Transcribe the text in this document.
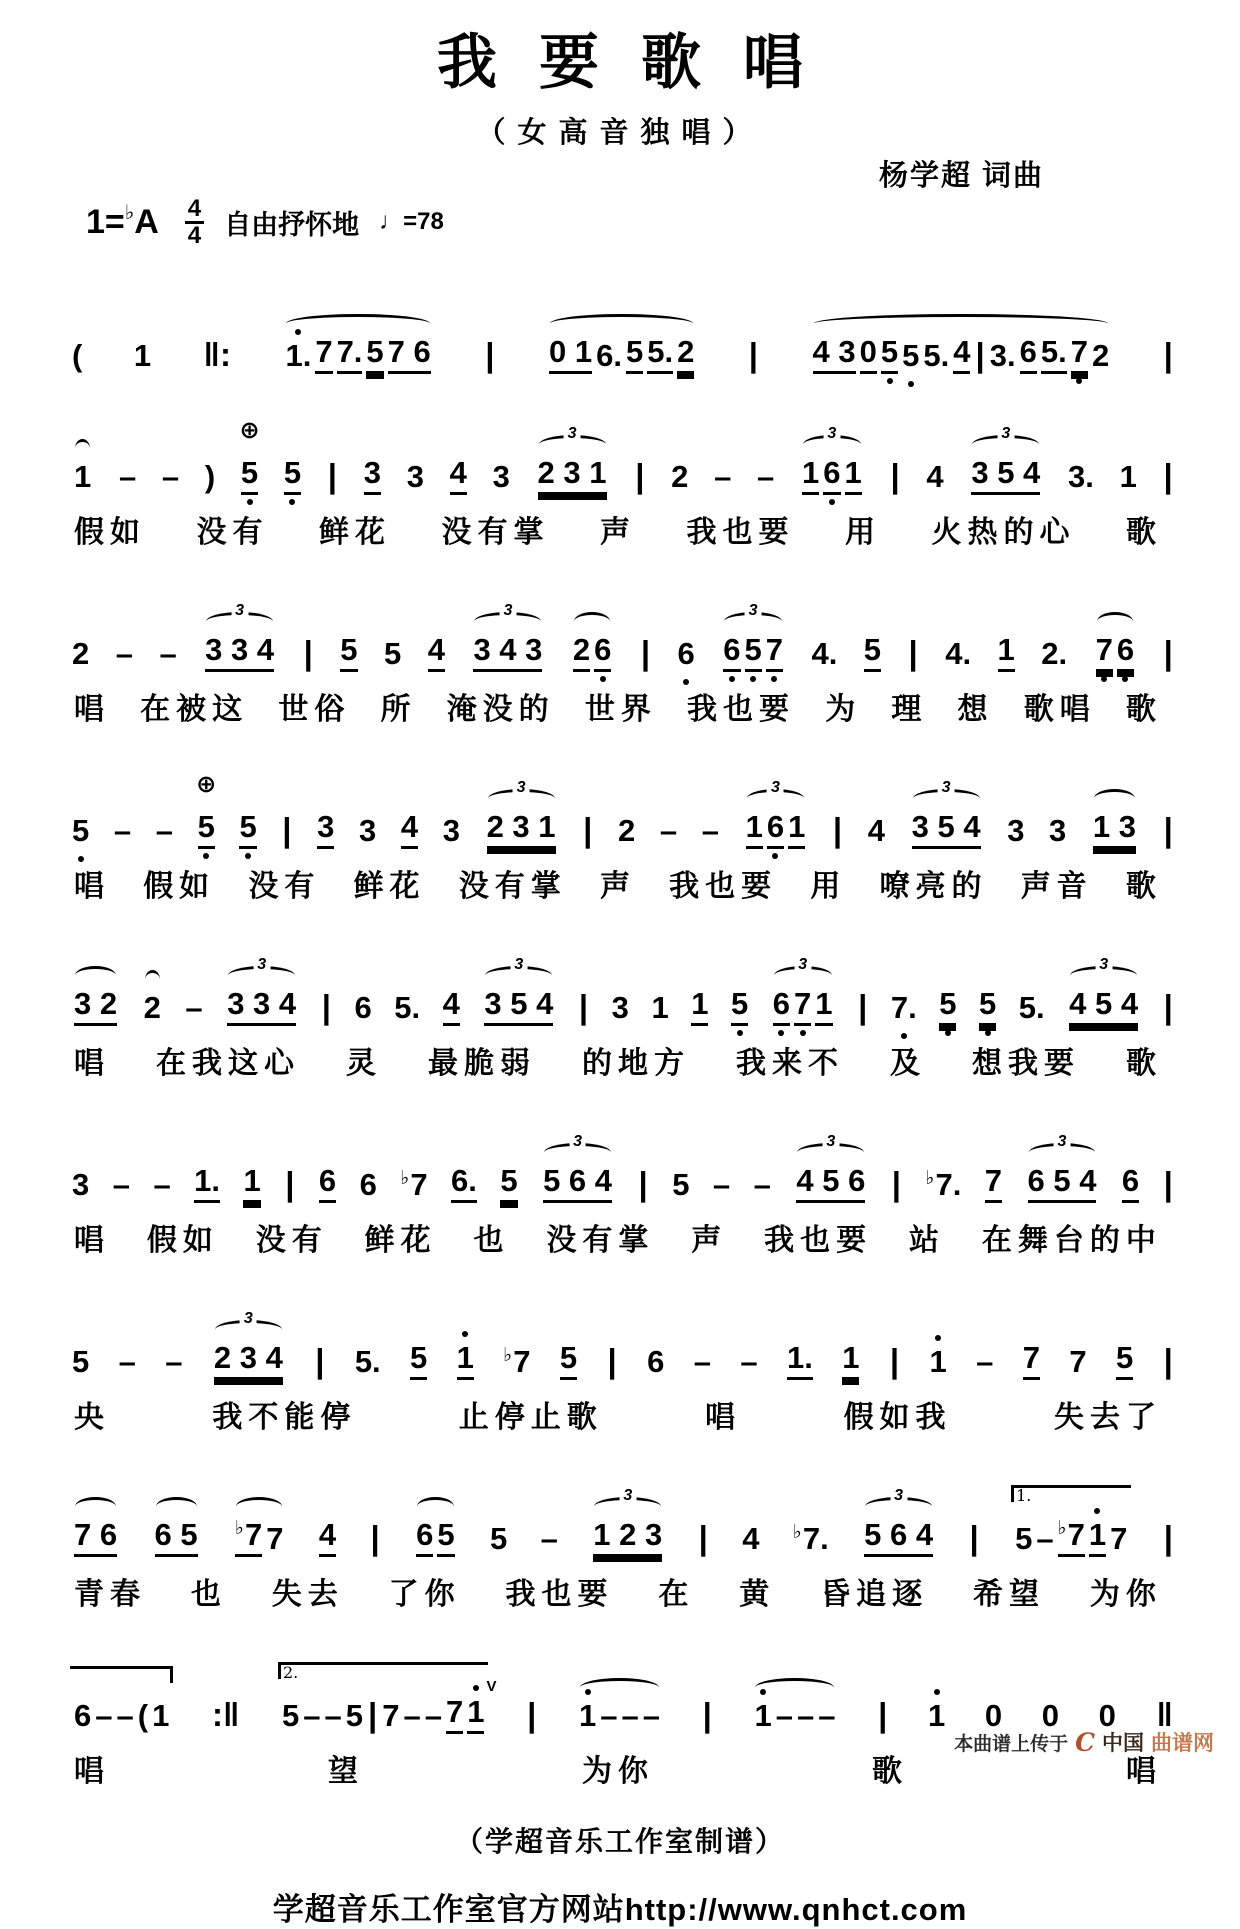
我要歌唱
（女高音独唱）
杨学超 词曲
1= ♭ A $\frac{4}{4}$ 自由抒怀地 ♩=78
( 1 ‖: 1. 7 7. 5 7 6 | 0 1 6. 5 5. 2 | 4 3 0 5 5 5. 4 | 3. 6 5. 7 2 |
1 – – ) 5
⊕
5 | 3 3 4 3
3
2 3 1 | 2 – –
3
1 6 1 | 4
3
3 5 4 3. 1 |
假如 没有 鲜花 没有掌 声 我也要 用 火热的心 歌
2 – –
3
3 3 4 | 5 5 4
3
3 4 3 2 6 | 6
3
6 5 7 4. 5 | 4. 1 2. 7 6 |
唱 在被这 世俗 所 淹没的 世界 我也要 为 理 想 歌唱 歌
5 – – 5
⊕
5 | 3 3 4 3
3
2 3 1 | 2 – –
3
1 6 1 | 4
3
3 5 4 3 3 1 3 |
唱 假如 没有 鲜花 没有掌 声 我也要 用 嘹亮的 声音 歌
3 2 2 –
3
3 3 4 | 6 5. 4
3
3 5 4 | 3 1 1 5
3
6 7 1 | 7. 5 5 5.
3
4 5 4 |
唱 在我这心 灵 最脆弱 的地方 我来不 及 想我要 歌
3 – – 1. 1 | 6 6 ♭7 6. 5
3
5 6 4 | 5 – –
3
4 5 6 | ♭7. 7
3
6 5 4 6 |
唱 假如 没有 鲜花 也 没有掌 声 我也要 站 在舞台的中
5 – –
3
2 3 4 | 5. 5 1 ♭7 5 | 6 – – 1. 1 | 1 – 7 7 5 |
央	我不能停	止停止歌	唱	假如我	失去了
7 6 6 5 ♭7 7 4 | 6 5 5 –
3
1 2 3 | 4 ♭7.
3
5 6 4 |
1.
5 – ♭7 1 7 |
青春 也 失去 了你 我也要 在 黄 昏追逐 希望 为你
6 – – ( 1 :‖
2.
5 – – 5 | 7 – – 7 1
V
| 1 – – – | 1 – – – | 1 0 0 0 ‖
唱	望	为你	歌	唱
（学超音乐工作室制谱）
学超音乐工作室官方网站http://www.qnhct.com
本曲谱上传于 C 中国 曲谱网
